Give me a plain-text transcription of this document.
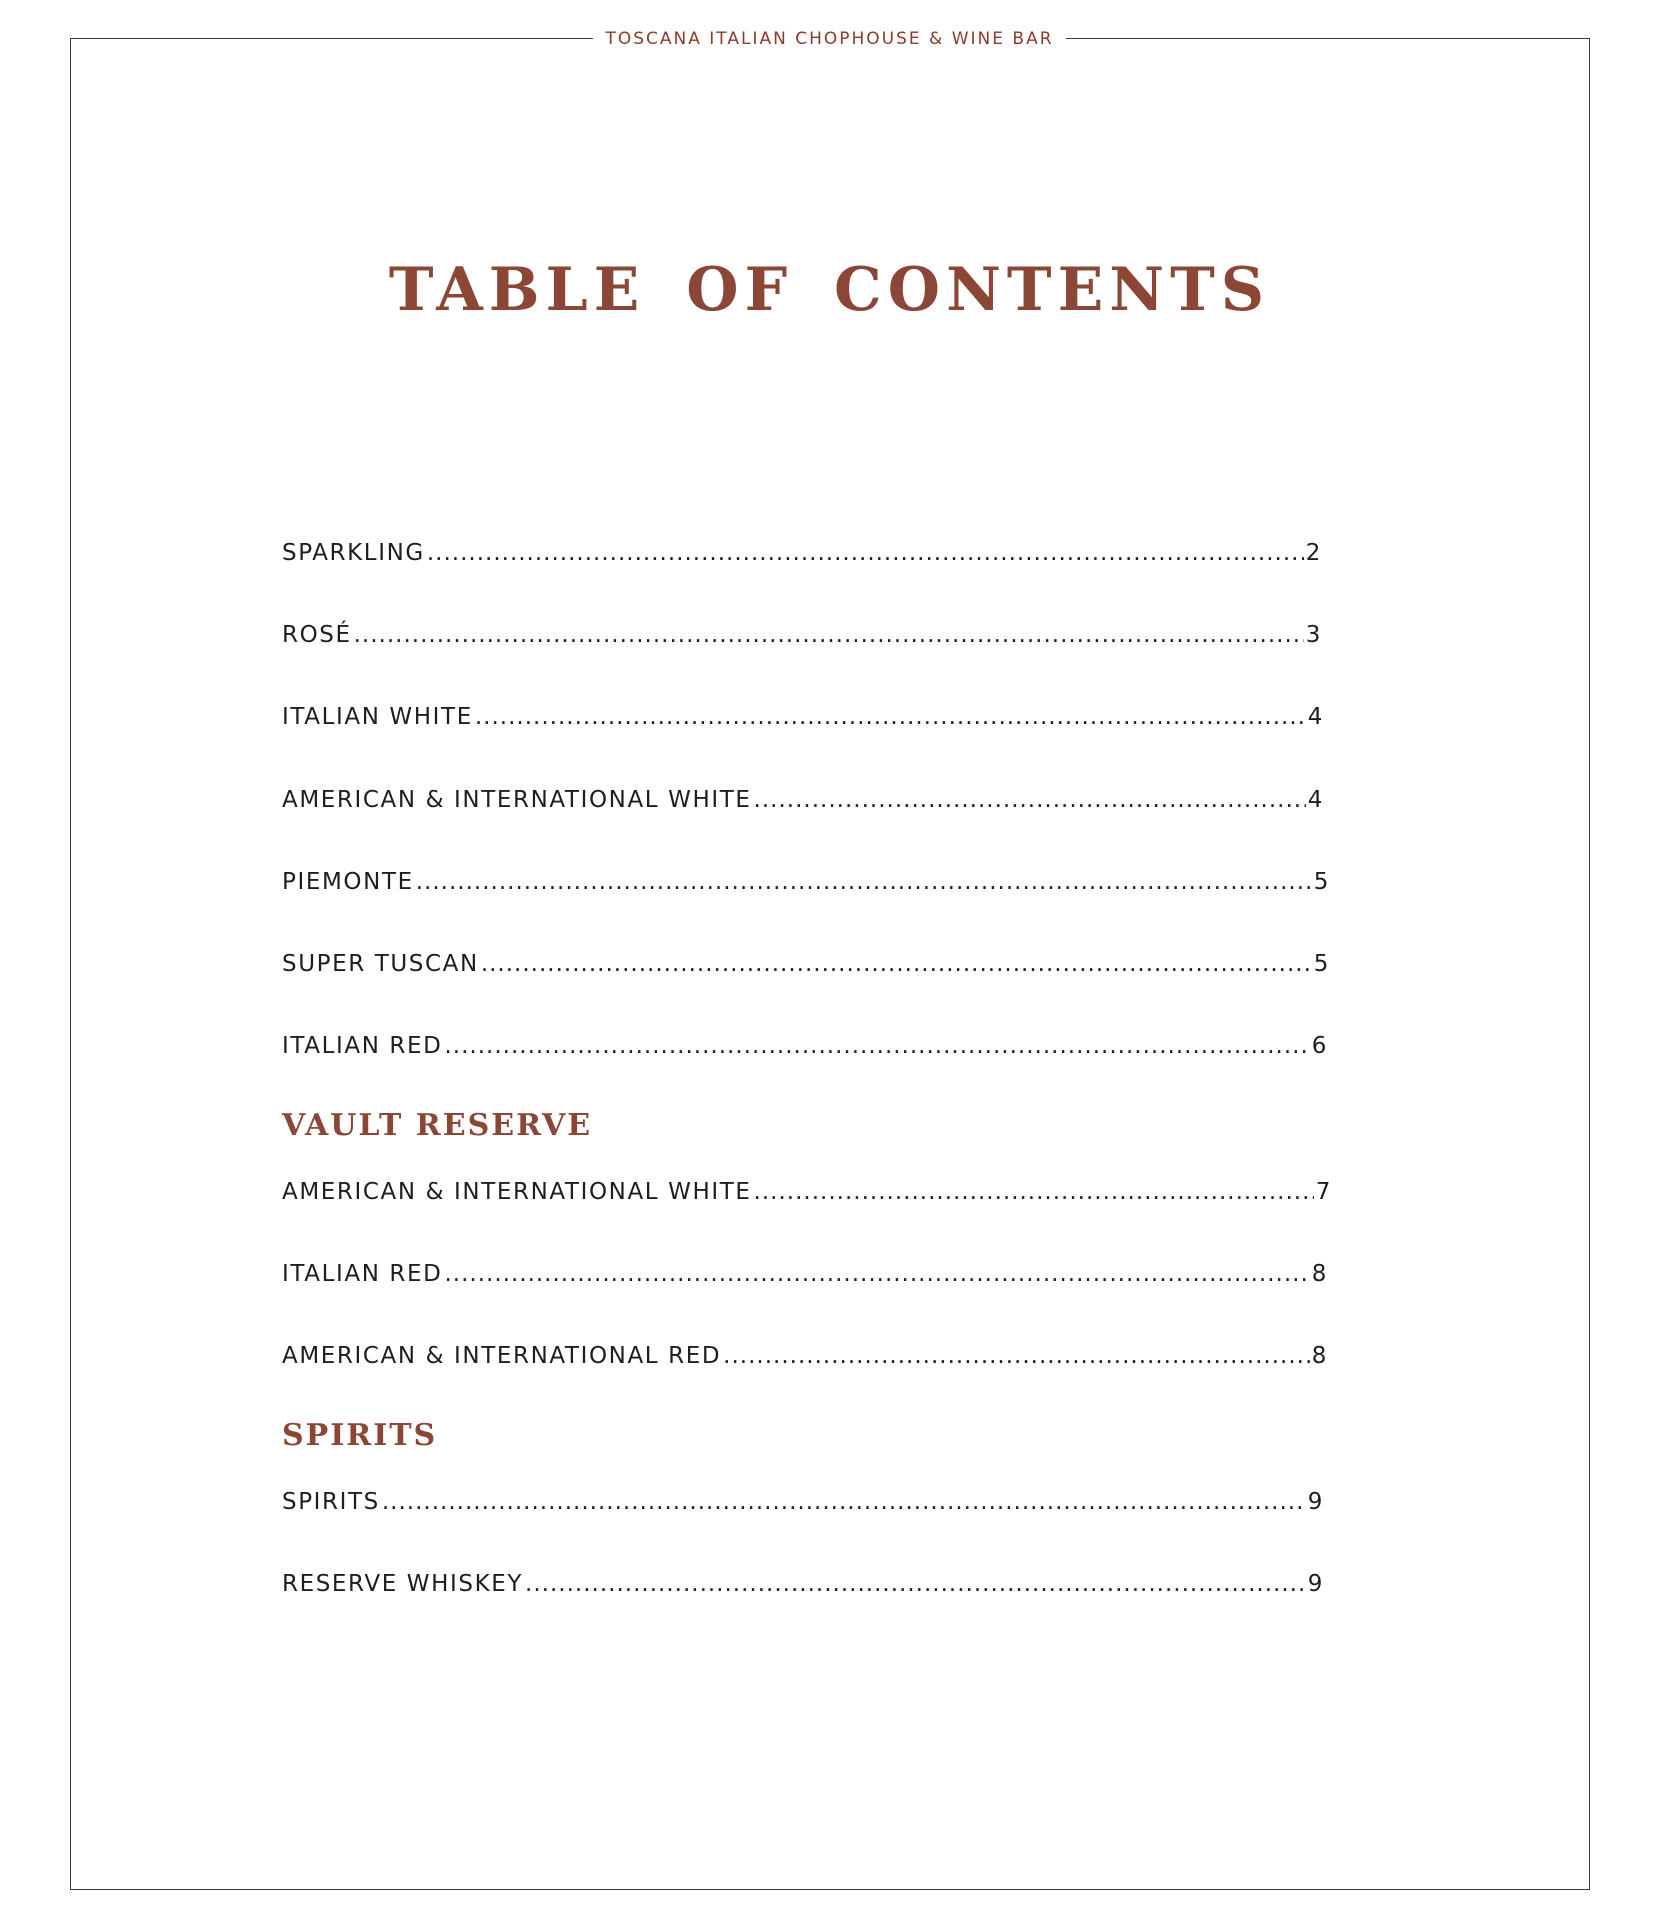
TOSCANA ITALIAN CHOPHOUSE & WINE BAR
TABLE OF CONTENTS
SPARKLING .....	2
ROSÉ .....	3
ITALIAN WHITE .....	4
AMERICAN & INTERNATIONAL WHITE .....	4
PIEMONTE .....	5
SUPER TUSCAN .....	5
ITALIAN RED .....	6
VAULT RESERVE
AMERICAN & INTERNATIONAL WHITE .....	7
ITALIAN RED .....	8
AMERICAN & INTERNATIONAL RED .....	8
SPIRITS
SPIRITS .....	9
RESERVE WHISKEY .....	9
